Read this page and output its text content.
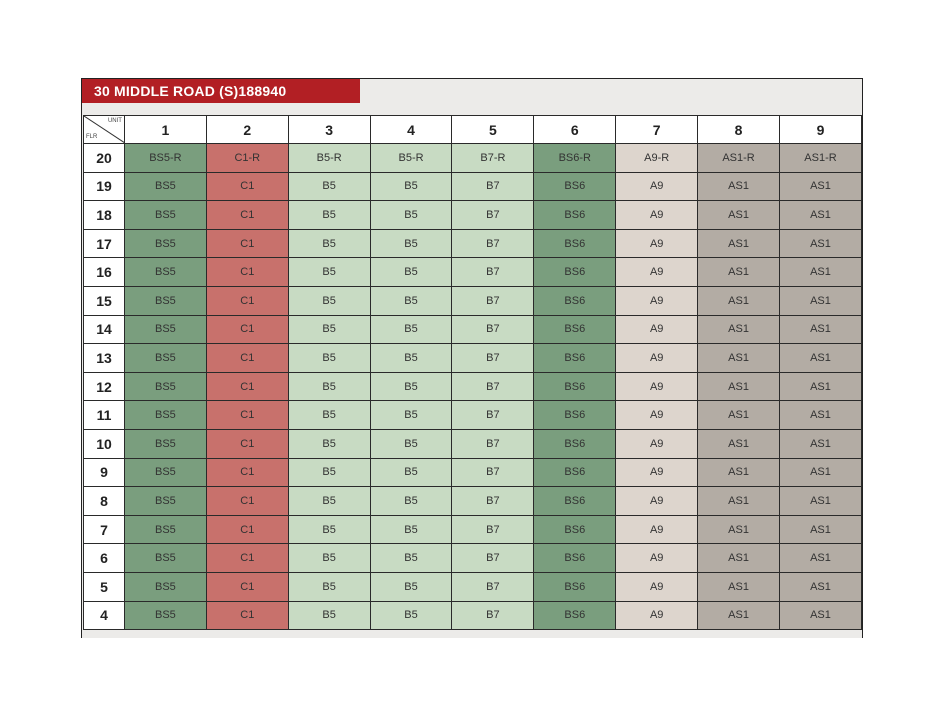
30 MIDDLE ROAD (S)188940
UNIT
FLR	1	2	3	4	5	6	7	8	9
20	BS5-R	C1-R	B5-R	B5-R	B7-R	BS6-R	A9-R	AS1-R	AS1-R
19	BS5	C1	B5	B5	B7	BS6	A9	AS1	AS1
18	BS5	C1	B5	B5	B7	BS6	A9	AS1	AS1
17	BS5	C1	B5	B5	B7	BS6	A9	AS1	AS1
16	BS5	C1	B5	B5	B7	BS6	A9	AS1	AS1
15	BS5	C1	B5	B5	B7	BS6	A9	AS1	AS1
14	BS5	C1	B5	B5	B7	BS6	A9	AS1	AS1
13	BS5	C1	B5	B5	B7	BS6	A9	AS1	AS1
12	BS5	C1	B5	B5	B7	BS6	A9	AS1	AS1
11	BS5	C1	B5	B5	B7	BS6	A9	AS1	AS1
10	BS5	C1	B5	B5	B7	BS6	A9	AS1	AS1
9	BS5	C1	B5	B5	B7	BS6	A9	AS1	AS1
8	BS5	C1	B5	B5	B7	BS6	A9	AS1	AS1
7	BS5	C1	B5	B5	B7	BS6	A9	AS1	AS1
6	BS5	C1	B5	B5	B7	BS6	A9	AS1	AS1
5	BS5	C1	B5	B5	B7	BS6	A9	AS1	AS1
4	BS5	C1	B5	B5	B7	BS6	A9	AS1	AS1
